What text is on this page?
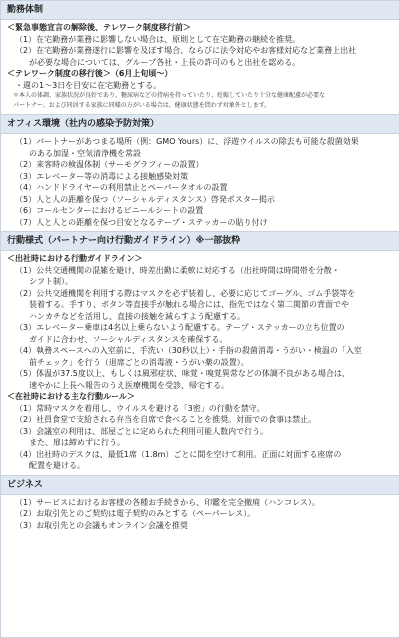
勤務体制
＜緊急事態宣言の解除後、テレワーク制度移行前＞
（1）在宅勤務が業務に影響しない場合は、原則として在宅勤務の継続を推奨。
（2）在宅勤務が業務遂行に影響を及ぼす場合、ならびに法令対応やお客様対応など業務上出社
が必要な場合については、グループ各社・上長の許可のもと出社を認める。
＜テレワーク制度の移行後＞（6月上旬頃～）
・週の1～3日を目安に在宅勤務とする。
＊本人の体調、家族状況が良好であり、糖尿病などの持病を持っていたり、妊娠していたり十分な健康配慮が必要な
パートナー、および同居する家族に同様の方がいる場合は、健康状態を問わず対象外とします。
オフィス環境（社内の感染予防対策）
（1）パートナーがあつまる場所（例：GMO Yours）に、浮遊ウイルスの除去も可能な殺菌効果
のある加湿・空気清浄機を常設
（2）来客時の検温体制（サーモグラフィーの設置）
（3）エレベーター等の消毒による接触感染対策
（4）ハンドドライヤーの利用禁止とペーパータオルの設置
（5）人と人の距離を保つ（ソーシャルディスタンス）啓発ポスター掲示
（6）コールセンターにおけるビニールシートの設置
（7）人と人との距離を保つ目安となるテープ・ステッカーの貼り付け
行動様式（パートナー向け行動ガイドライン）※一部抜粋
＜出社時における行動ガイドライン＞
（1）公共交通機関の混雑を避け、時差出勤に柔軟に対応する（出社時間は時間帯を分散・
シフト制）。
（2）公共交通機関を利用する際はマスクを必ず装着し、必要に応じてゴーグル、ゴム手袋等を
装着する。手すり、ボタン等直接手が触れる場合には、指先ではなく第二関節の背面でや
ハンカチなどを活用し、直接の接触を減らすよう配慮する。
（3）エレベーター乗車は4名以上乗らないよう配慮する。テープ・ステッカーの立ち位置の
ガイドに合わせ、ソーシャルディスタンスを確保する。
（4）執務スペースへの入室前に、手洗い（30秒以上）・手指の殺菌消毒・うがい・検温の「入室
前チェック」を行う（退席ごとの消毒液・うがい薬の設置）。
（5）体温が37.5度以上、もしくは風邪症状、味覚・嗅覚異常などの体調不良がある場合は、
速やかに上長へ報告のうえ医療機関を受診、帰宅する。
＜在社時における主な行動ルール＞
（1）常時マスクを着用し、ウイルスを避ける「3密」の行動を禁守。
（2）社員食堂で支給される弁当を自席で食べることを推奨。対面での食事は禁止。
（3）会議室の利用は、部屋ごとに定められた利用可能人数内で行う。
また、扉は締めずに行う。
（4）出社時のデスクは、最低1席（1.8m）ごとに間を空けて利用。正面に対面する座席の
配置を避ける。
ビジネス
（1）サービスにおけるお客様の各種お手続きから、印鑑を完全撤廃（ハンコレス）。
（2）お取引先とのご契約は電子契約のみとする（ペーパーレス）。
（3）お取引先との会議もオンライン会議を推奨
